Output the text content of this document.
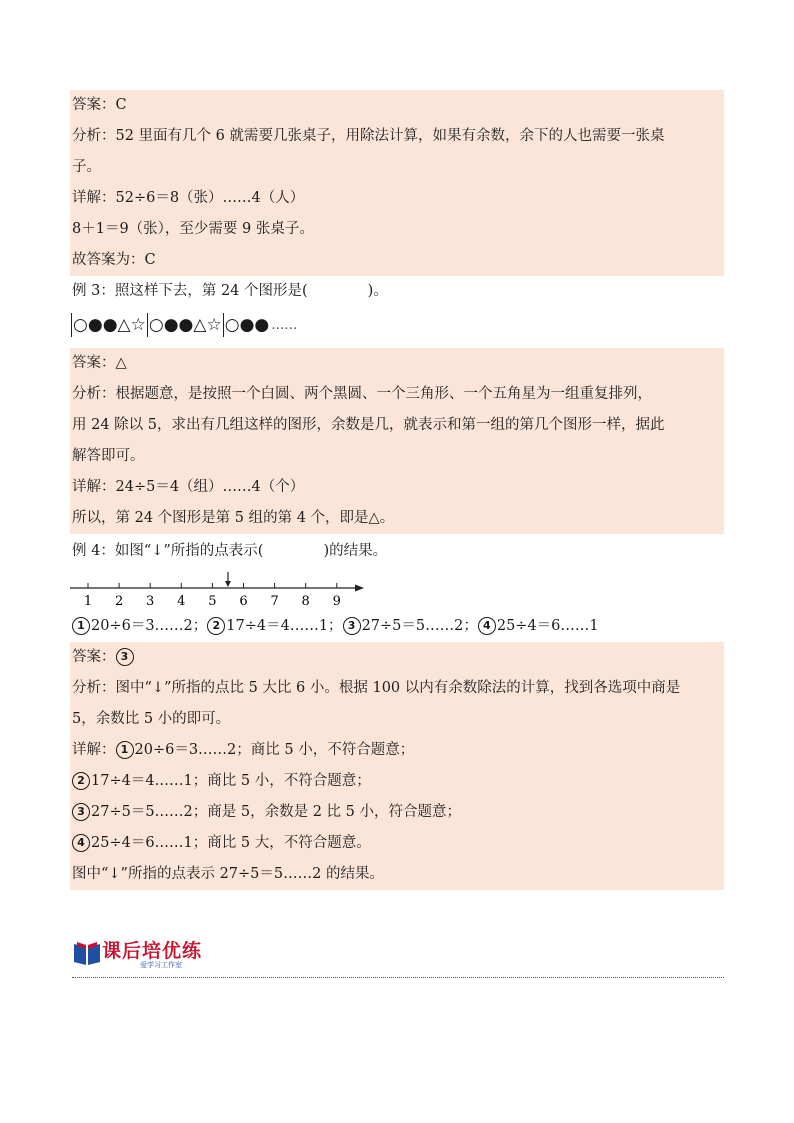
答案：C
分析：52 里面有几个 6 就需要几张桌子，用除法计算，如果有余数，余下的人也需要一张桌
子。
详解：52÷6＝8（张）……4（人）
8＋1＝9（张），至少需要 9 张桌子。
故答案为：C
例 3：照这样下去，第 24 个图形是(	)。
○ ● ● △ ☆ ○ ● ● △ ☆ ○ ● ● ……
答案：△
分析：根据题意，是按照一个白圆、两个黑圆、一个三角形、一个五角星为一组重复排列，
用 24 除以 5，求出有几组这样的图形，余数是几，就表示和第一组的第几个图形一样，据此
解答即可。
详解：24÷5＝4（组）……4（个）
所以，第 24 个图形是第 5 组的第 4 个，即是△。
例 4：如图“↓”所指的点表示(	)的结果。
1 2 3 4 5 6 7 8 9
1 20÷6＝3……2； 2 17÷4＝4……1； 3 27÷5＝5……2； 4 25÷4＝6……1
答案： 3
分析：图中“↓”所指的点比 5 大比 6 小。根据 100 以内有余数除法的计算，找到各选项中商是
5，余数比 5 小的即可。
详解： 1 20÷6＝3……2；商比 5 小，不符合题意；
2 17÷4＝4……1；商比 5 小，不符合题意；
3 27÷5＝5……2；商是 5，余数是 2 比 5 小，符合题意；
4 25÷4＝6……1；商比 5 大，不符合题意。
图中“↓”所指的点表示 27÷5＝5……2 的结果。
课后培优练
爱学习工作室
